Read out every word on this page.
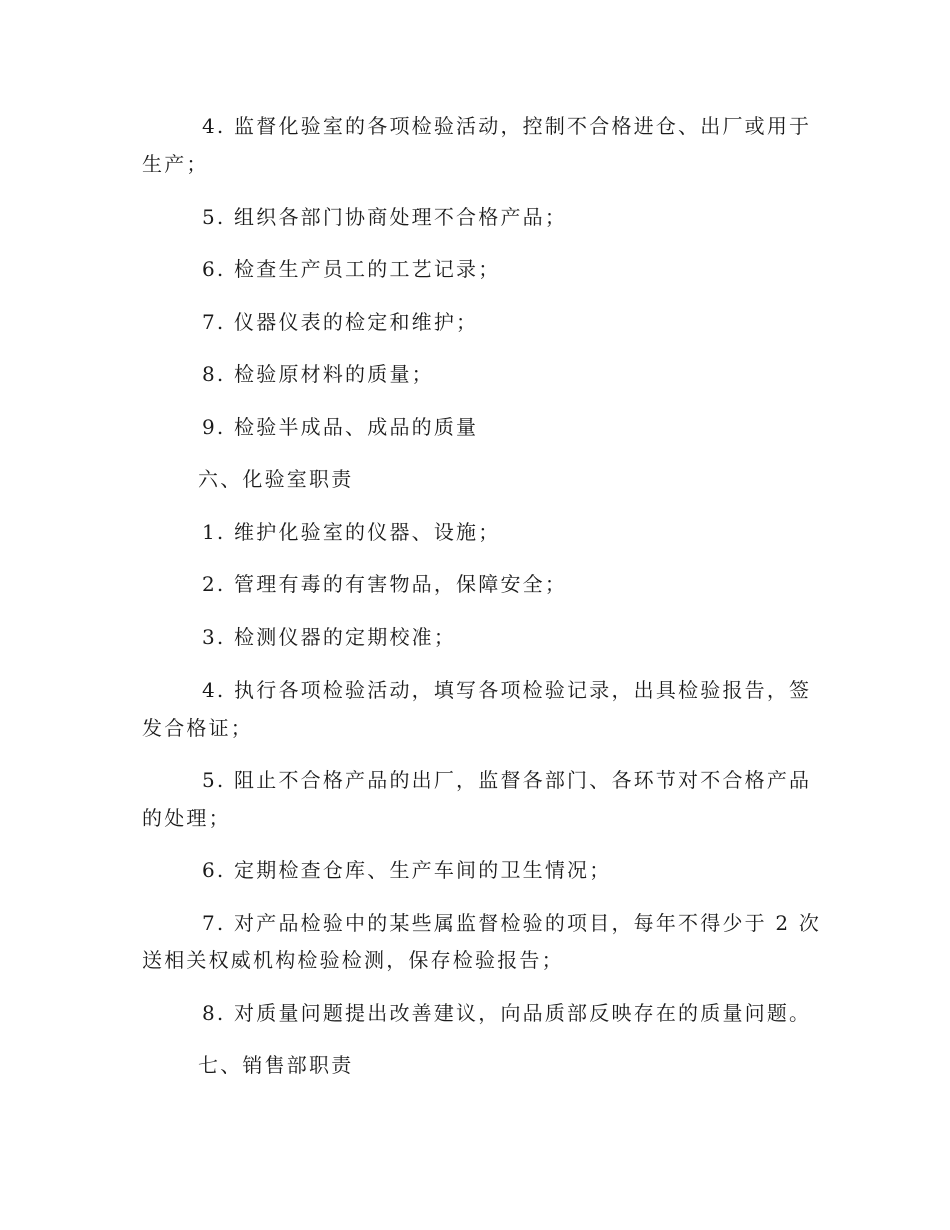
4. 监督化验室的各项检验活动，控制不合格进仓、出厂或用于
生产；
5. 组织各部门协商处理不合格产品；
6. 检查生产员工的工艺记录；
7. 仪器仪表的检定和维护；
8. 检验原材料的质量；
9. 检验半成品、成品的质量
六、化验室职责
1. 维护化验室的仪器、设施；
2. 管理有毒的有害物品，保障安全；
3. 检测仪器的定期校准；
4. 执行各项检验活动，填写各项检验记录，出具检验报告，签
发合格证；
5. 阻止不合格产品的出厂，监督各部门、各环节对不合格产品
的处理；
6. 定期检查仓库、生产车间的卫生情况；
7. 对产品检验中的某些属监督检验的项目，每年不得少于 2 次
送相关权威机构检验检测，保存检验报告；
8. 对质量问题提出改善建议，向品质部反映存在的质量问题。
七、销售部职责
